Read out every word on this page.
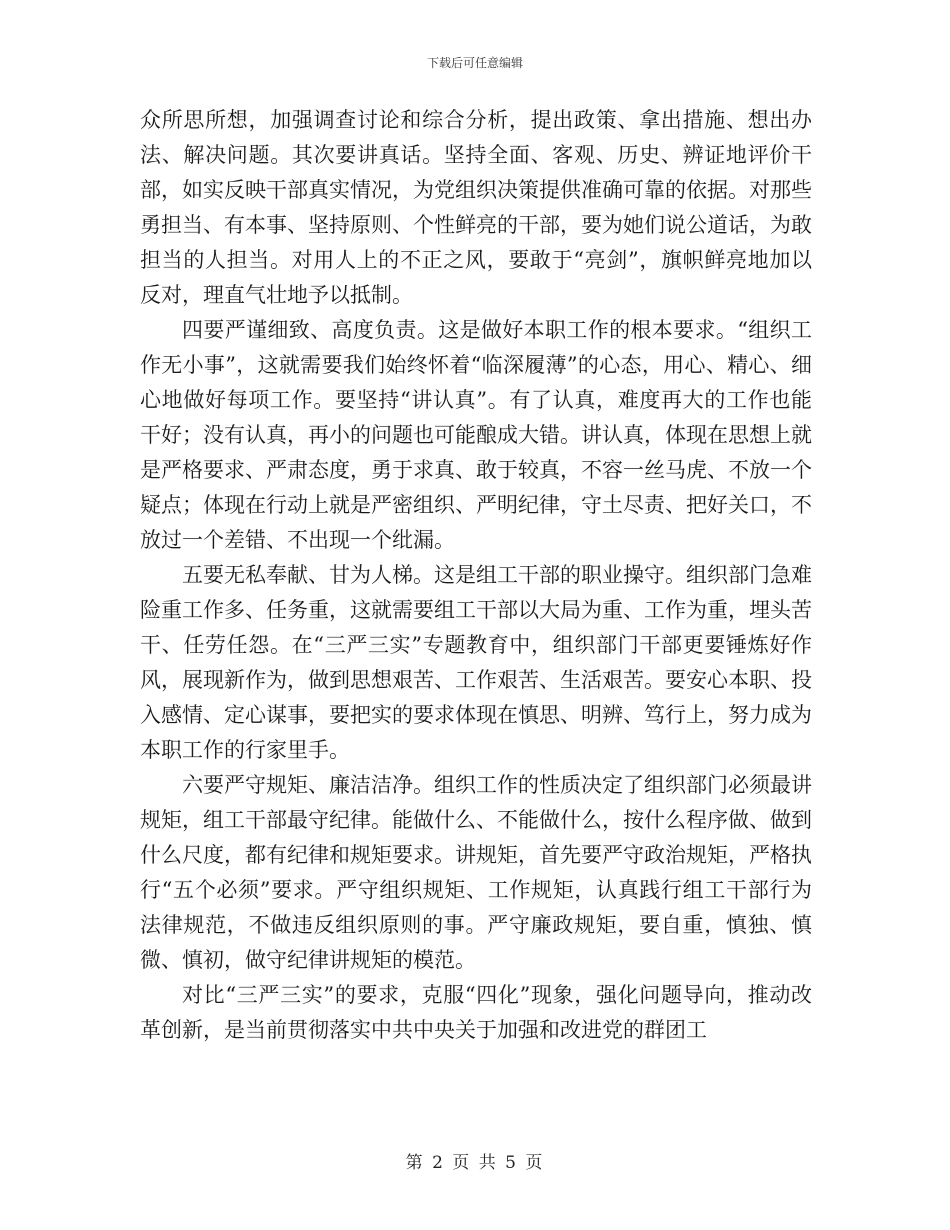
下载后可任意编辑

众所思所想，加强调查讨论和综合分析，提出政策、拿出措施、想出办法、解决问题。其次要讲真话。坚持全面、客观、历史、辨证地评价干部，如实反映干部真实情况，为党组织决策提供准确可靠的依据。对那些勇担当、有本事、坚持原则、个性鲜亮的干部，要为她们说公道话，为敢担当的人担当。对用人上的不正之风，要敢于“亮剑”，旗帜鲜亮地加以反对，理直气壮地予以抵制。

四要严谨细致、高度负责。这是做好本职工作的根本要求。“组织工作无小事”，这就需要我们始终怀着“临深履薄”的心态，用心、精心、细心地做好每项工作。要坚持“讲认真”。有了认真，难度再大的工作也能干好；没有认真，再小的问题也可能酿成大错。讲认真，体现在思想上就是严格要求、严肃态度，勇于求真、敢于较真，不容一丝马虎、不放一个疑点；体现在行动上就是严密组织、严明纪律，守土尽责、把好关口，不放过一个差错、不出现一个纰漏。

五要无私奉献、甘为人梯。这是组工干部的职业操守。组织部门急难险重工作多、任务重，这就需要组工干部以大局为重、工作为重，埋头苦干、任劳任怨。在“三严三实”专题教育中，组织部门干部更要锤炼好作风，展现新作为，做到思想艰苦、工作艰苦、生活艰苦。要安心本职、投入感情、定心谋事，要把实的要求体现在慎思、明辨、笃行上，努力成为本职工作的行家里手。

六要严守规矩、廉洁洁净。组织工作的性质决定了组织部门必须最讲规矩，组工干部最守纪律。能做什么、不能做什么，按什么程序做、做到什么尺度，都有纪律和规矩要求。讲规矩，首先要严守政治规矩，严格执行“五个必须”要求。严守组织规矩、工作规矩，认真践行组工干部行为法律规范，不做违反组织原则的事。严守廉政规矩，要自重，慎独、慎微、慎初，做守纪律讲规矩的模范。

对比“三严三实”的要求，克服“四化”现象，强化问题导向，推动改革创新，是当前贯彻落实中共中央关于加强和改进党的群团工

第 2 页 共 5 页
